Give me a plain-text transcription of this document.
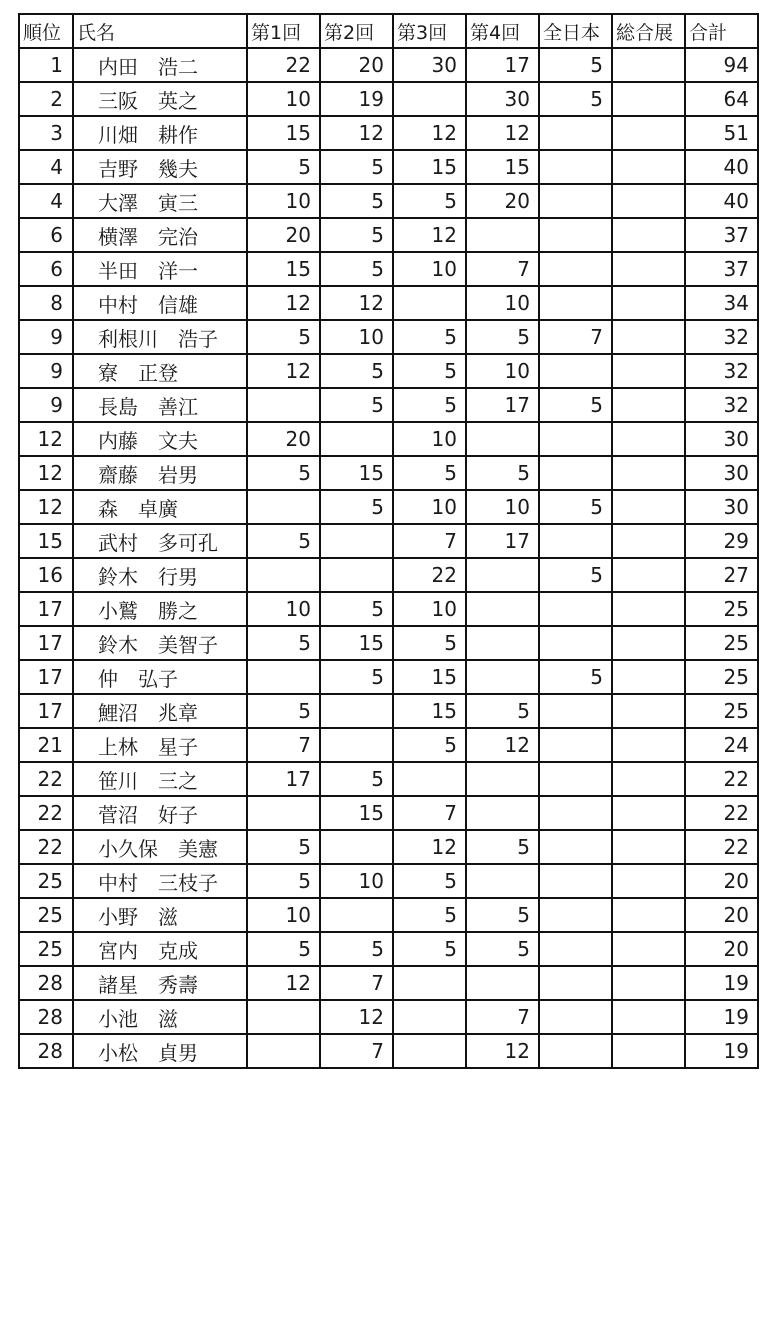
順位	氏名	第1回	第2回	第3回	第4回	全日本	総合展	合計
1	内田　浩二	22	20	30	17	5		94
2	三阪　英之	10	19		30	5		64
3	川畑　耕作	15	12	12	12			51
4	吉野　幾夫	5	5	15	15			40
4	大澤　寅三	10	5	5	20			40
6	横澤　完治	20	5	12				37
6	半田　洋一	15	5	10	7			37
8	中村　信雄	12	12		10			34
9	利根川　浩子	5	10	5	5	7		32
9	寮　正登	12	5	5	10			32
9	長島　善江		5	5	17	5		32
12	内藤　文夫	20		10				30
12	齋藤　岩男	5	15	5	5			30
12	森　卓廣		5	10	10	5		30
15	武村　多可孔	5		7	17			29
16	鈴木　行男			22		5		27
17	小鷲　勝之	10	5	10				25
17	鈴木　美智子	5	15	5				25
17	仲　弘子		5	15		5		25
17	鯉沼　兆章	5		15	5			25
21	上林　星子	7		5	12			24
22	笹川　三之	17	5					22
22	菅沼　好子		15	7				22
22	小久保　美憲	5		12	5			22
25	中村　三枝子	5	10	5				20
25	小野　滋	10		5	5			20
25	宮内　克成	5	5	5	5			20
28	諸星　秀壽	12	7					19
28	小池　滋		12		7			19
28	小松　貞男		7		12			19
